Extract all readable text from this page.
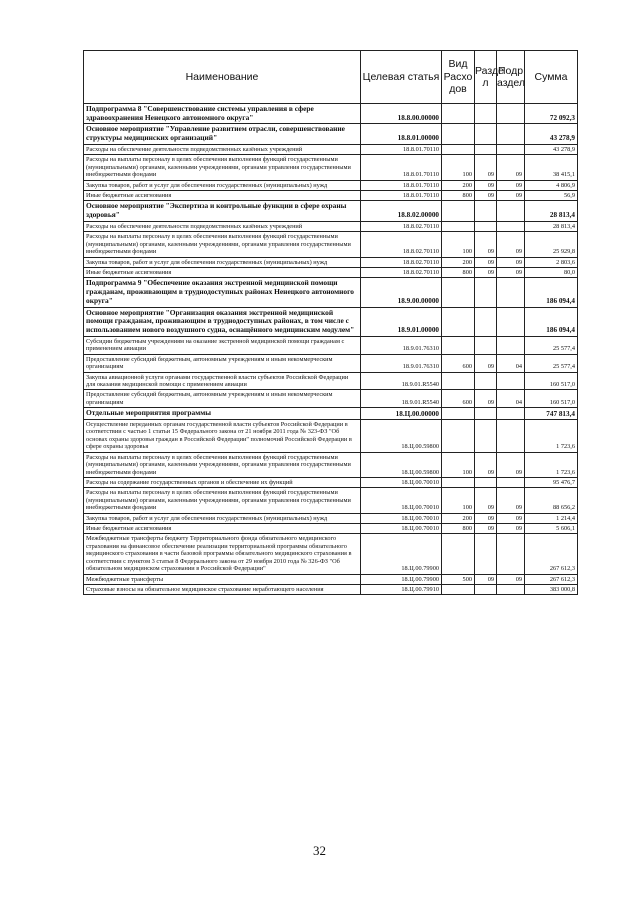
Наименование	Целевая статья	Вид Расхо дов	Разде л	Подр аздел	Сумма
Подпрограмма 8 "Совершенствование системы управления в сфере здравоохранения Ненецкого автономного округа"	18.8.00.00000				72 092,3
Основное мероприятие "Управление развитием отрасли, совершенствование структуры медицинских организаций"	18.8.01.00000				43 278,9
Расходы на обеспечение деятельности подведомственных казённых учреждений	18.8.01.70110				43 278,9
Расходы на выплаты персоналу в целях обеспечения выполнения функций государственными (муниципальными) органами, казенными учреждениями, органами управления государственными внебюджетными фондами	18.8.01.70110	100	09	09	38 415,1
Закупка товаров, работ и услуг для обеспечения государственных (муниципальных) нужд	18.8.01.70110	200	09	09	4 806,9
Иные бюджетные ассигнования	18.8.01.70110	800	09	09	56,9
Основное мероприятие "Экспертиза и контрольные функции в сфере охраны здоровья"	18.8.02.00000				28 813,4
Расходы на обеспечение деятельности подведомственных казённых учреждений	18.8.02.70110				28 813,4
Расходы на выплаты персоналу в целях обеспечения выполнения функций государственными (муниципальными) органами, казенными учреждениями, органами управления государственными внебюджетными фондами	18.8.02.70110	100	09	09	25 929,8
Закупка товаров, работ и услуг для обеспечения государственных (муниципальных) нужд	18.8.02.70110	200	09	09	2 803,6
Иные бюджетные ассигнования	18.8.02.70110	800	09	09	80,0
Подпрограмма 9 "Обеспечение оказания экстренной медицинской помощи гражданам, проживающим в труднодоступных районах Ненецкого автономного округа"	18.9.00.00000				186 094,4
Основное мероприятие "Организация оказания экстренной медицинской помощи гражданам, проживающим в труднодоступных районах, в том числе с использованием нового воздушного судна, оснащённого медицинским модулем"	18.9.01.00000				186 094,4
Субсидии бюджетным учреждениям на оказание экстренной медицинской помощи гражданам с применением авиации	18.9.01.76310				25 577,4
Предоставление субсидий бюджетным, автономным учреждениям и иным некоммерческим организациям	18.9.01.76310	600	09	04	25 577,4
Закупка авиационной услуги органами государственной власти субъектов Российской Федерации для оказания медицинской помощи с применением авиации	18.9.01.R5540				160 517,0
Предоставление субсидий бюджетным, автономным учреждениям и иным некоммерческим организациям	18.9.01.R5540	600	09	04	160 517,0
Отдельные мероприятия программы	18.Ц.00.00000				747 813,4
Осуществление переданных органам государственной власти субъектов Российской Федерации в соответствии с частью 1 статьи 15 Федерального закона от 21 ноября 2011 года № 323-ФЗ "Об основах охраны здоровья граждан в Российской Федерации" полномочий Российской Федерации в сфере охраны здоровья	18.Ц.00.59800				1 723,6
Расходы на выплаты персоналу в целях обеспечения выполнения функций государственными (муниципальными) органами, казенными учреждениями, органами управления государственными внебюджетными фондами	18.Ц.00.59800	100	09	09	1 723,6
Расходы на содержание государственных органов и обеспечение их функций	18.Ц.00.70010				95 476,7
Расходы на выплаты персоналу в целях обеспечения выполнения функций государственными (муниципальными) органами, казенными учреждениями, органами управления государственными внебюджетными фондами	18.Ц.00.70010	100	09	09	88 656,2
Закупка товаров, работ и услуг для обеспечения государственных (муниципальных) нужд	18.Ц.00.70010	200	09	09	1 214,4
Иные бюджетные ассигнования	18.Ц.00.70010	800	09	09	5 606,1
Межбюджетные трансферты бюджету Территориального фонда обязательного медицинского страхования на финансовое обеспечение реализации территориальной программы обязательного медицинского страхования в части базовой программы обязательного медицинского страхования в соответствии с пунктом 3 статьи 8 Федерального закона от 29 ноября 2010 года № 326-ФЗ "Об обязательном медицинском страховании в Российской Федерации"	18.Ц.00.79900				267 612,3
Межбюджетные трансферты	18.Ц.00.79900	500	09	09	267 612,3
Страховые взносы на обязательное медицинское страхование неработающего населения	18.Ц.00.79910				383 000,8
32
